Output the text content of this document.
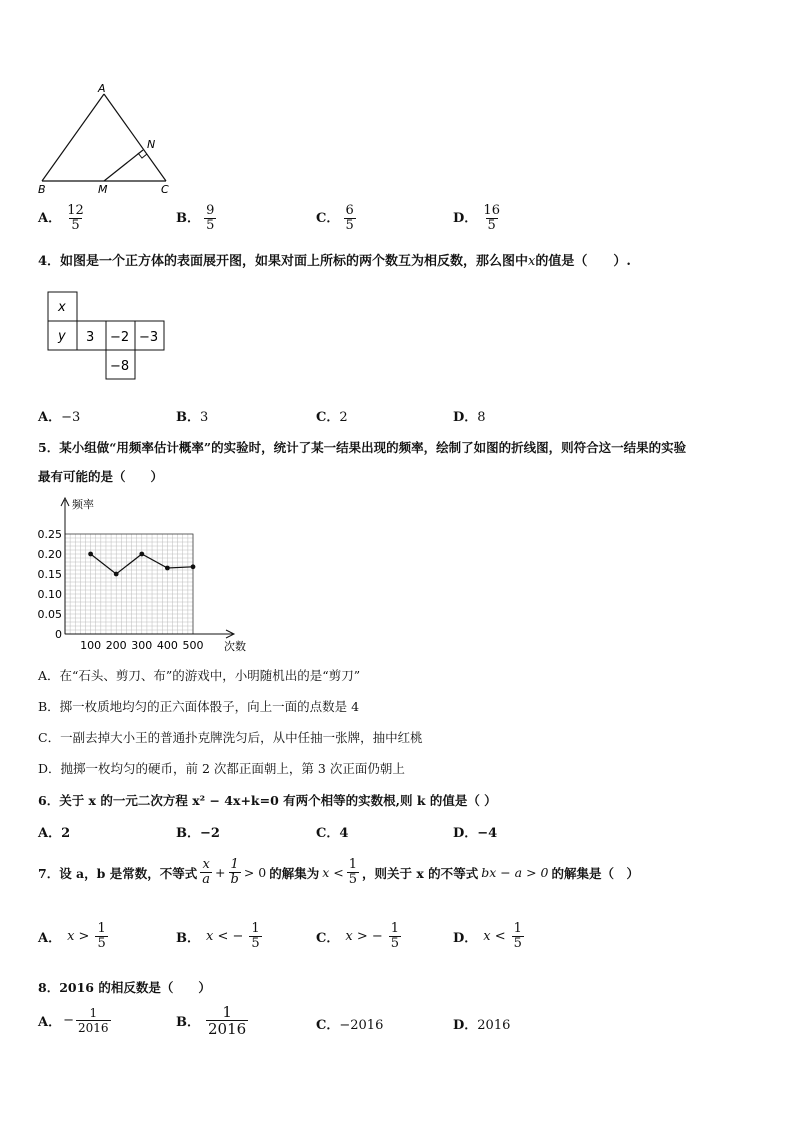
A
B	C
M
N
A． $\frac{12}{5}$	B． $\frac{9}{5}$	C． $\frac{6}{5}$	D． $\frac{16}{5}$
4．如图是一个正方体的表面展开图，如果对面上所标的两个数互为相反数，那么图中x的值是（　　）.
x
y 3 −2 −3
−8
A．−3	B．3	C．2	D．8
5．某小组做“用频率估计概率”的实验时，统计了某一结果出现的频率，绘制了如图的折线图，则符合这一结果的实验
最有可能的是（　　）
频率
次数
0.25
0.20
0.15
0.10
0.05
0
100 200 300 400 500
A．在“石头、剪刀、布”的游戏中，小明随机出的是“剪刀”
B．掷一枚质地均匀的正六面体骰子，向上一面的点数是 4
C．一副去掉大小王的普通扑克牌洗匀后，从中任抽一张牌，抽中红桃
D．抛掷一枚均匀的硬币，前 2 次都正面朝上，第 3 次正面仍朝上
6．关于 x 的一元二次方程 x² − 4x+k=0 有两个相等的实数根,则 k 的值是（ ）
A．2	B．−2	C．4	D．−4
7．设 a，b 是常数，不等式 $\frac{x}{a} + \frac{1}{b} > 0$ 的解集为 $x < \frac{1}{5}$ ，则关于 x 的不等式 bx − a > 0 的解集是（　）
A． $x > \frac{1}{5}$	B． x < − $\frac{1}{5}$	C． x > − $\frac{1}{5}$	D． $x < \frac{1}{5}$
8．2016 的相反数是（　　）
A． − $\frac{1}{2016}$	B． $\frac{1}{2016}$	C．−2016	D．2016
